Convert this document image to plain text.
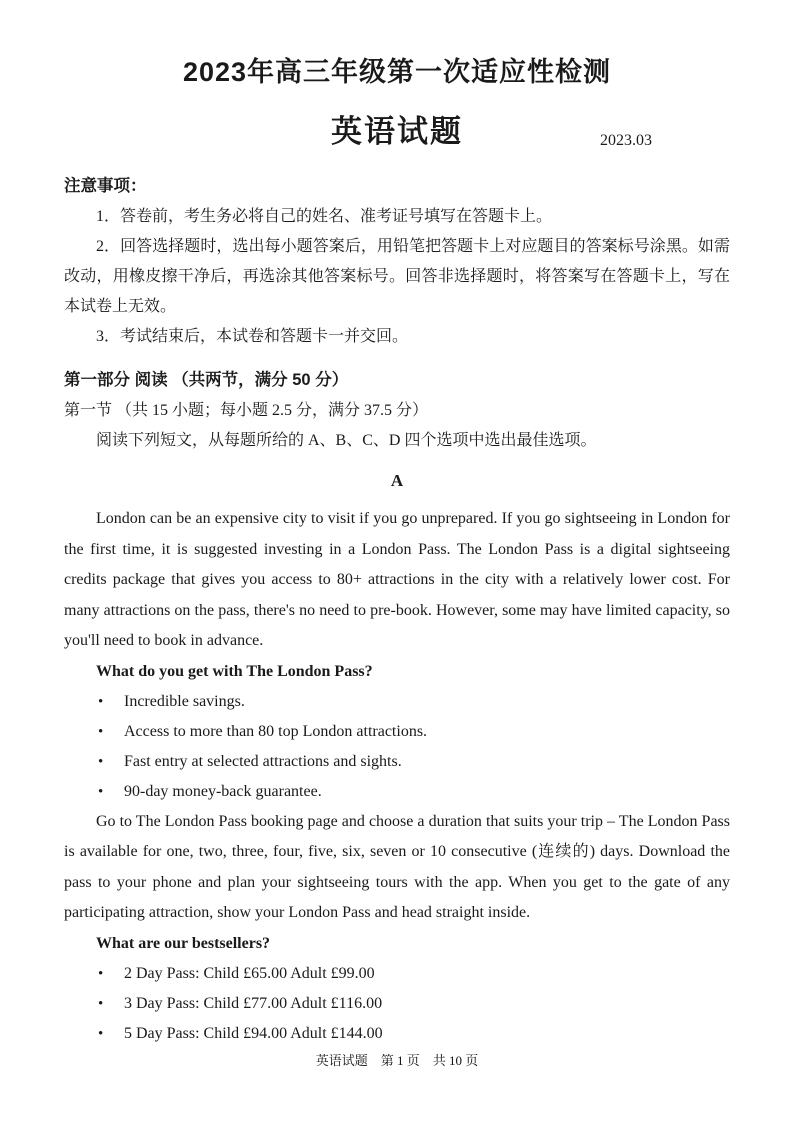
2023年高三年级第一次适应性检测
英语试题	2023.03

注意事项：

1．答卷前，考生务必将自己的姓名、准考证号填写在答题卡上。

2．回答选择题时，选出每小题答案后，用铅笔把答题卡上对应题目的答案标号涂黑。如需改动，用橡皮擦干净后，再选涂其他答案标号。回答非选择题时，将答案写在答题卡上，写在本试卷上无效。

3．考试结束后，本试卷和答题卡一并交回。

第一部分 阅读 （共两节，满分 50 分）

第一节 （共 15 小题；每小题 2.5 分，满分 37.5 分）

阅读下列短文，从每题所给的 A、B、C、D 四个选项中选出最佳选项。

A

London can be an expensive city to visit if you go unprepared. If you go sightseeing in London for the first time, it is suggested investing in a London Pass. The London Pass is a digital sightseeing credits package that gives you access to 80+ attractions in the city with a relatively lower cost. For many attractions on the pass, there's no need to pre-book. However, some may have limited capacity, so you'll need to book in advance.

What do you get with The London Pass?

• Incredible savings.
• Access to more than 80 top London attractions.
• Fast entry at selected attractions and sights.
• 90-day money-back guarantee.

Go to The London Pass booking page and choose a duration that suits your trip – The London Pass is available for one, two, three, four, five, six, seven or 10 consecutive (连续的) days. Download the pass to your phone and plan your sightseeing tours with the app. When you get to the gate of any participating attraction, show your London Pass and head straight inside.

What are our bestsellers?

• 2 Day Pass: Child £65.00 Adult £99.00
• 3 Day Pass: Child £77.00 Adult £116.00
• 5 Day Pass: Child £94.00 Adult £144.00
英语试题　第 1 页　共 10 页
